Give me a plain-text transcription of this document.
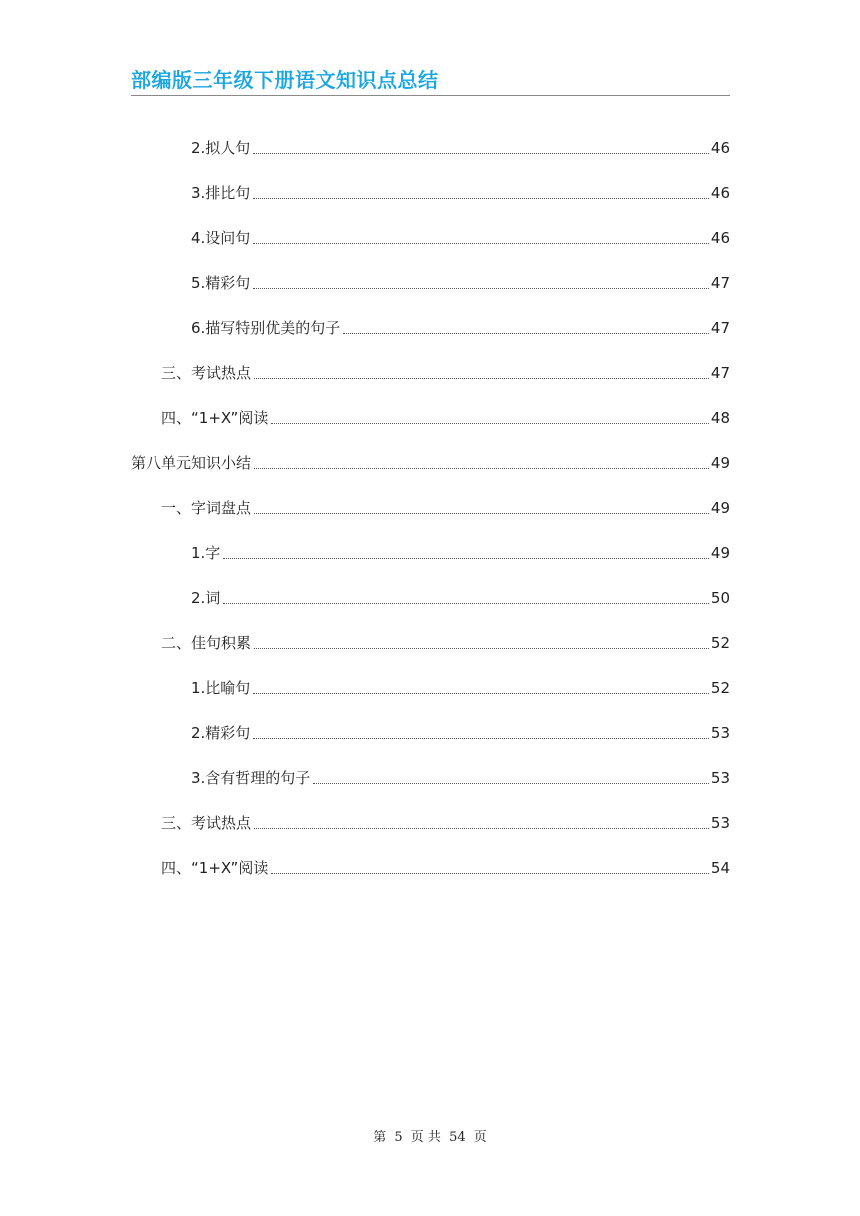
部编版三年级下册语文知识点总结
2.拟人句	46
3.排比句	46
4.设问句	46
5.精彩句	47
6.描写特别优美的句子	47
三、考试热点	47
四、“1+X”阅读	48
第八单元知识小结	49
一、字词盘点	49
1.字	49
2.词	50
二、佳句积累	52
1.比喻句	52
2.精彩句	53
3.含有哲理的句子	53
三、考试热点	53
四、“1+X”阅读	54
第 5 页 共 54 页
